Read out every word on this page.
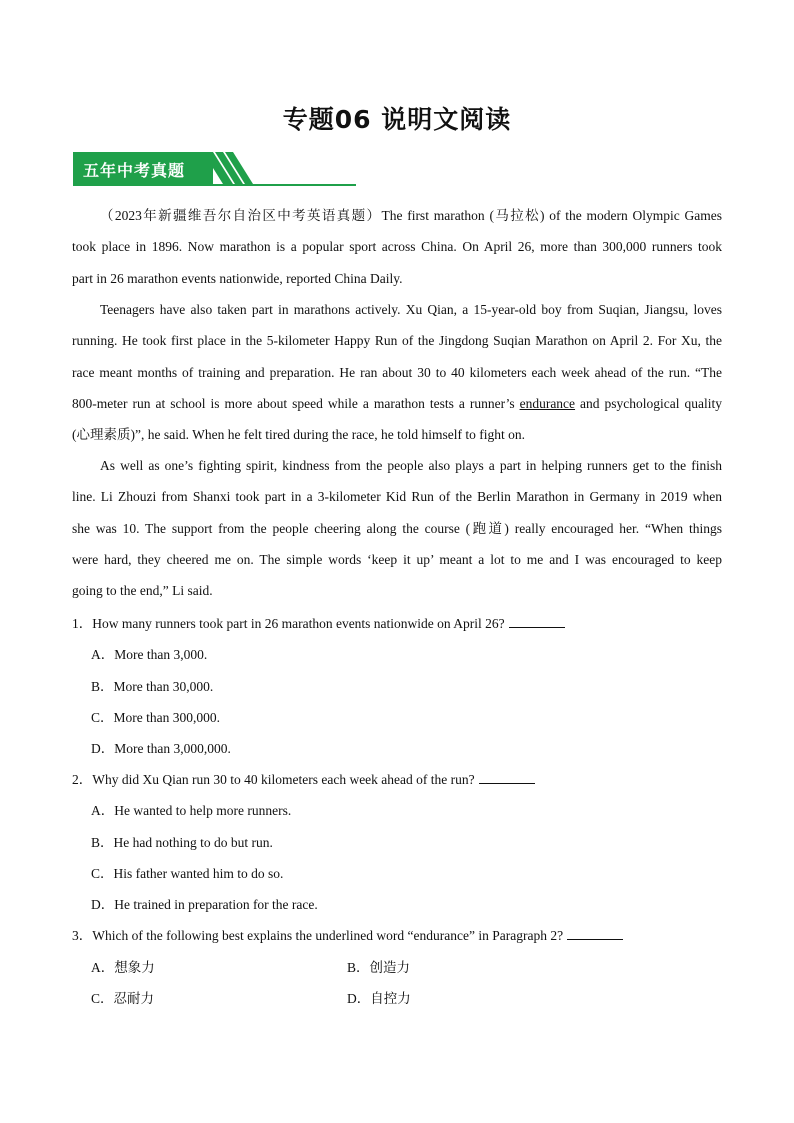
专题06 说明文阅读
五年中考真题
（2023年新疆维吾尔自治区中考英语真题）The first marathon (马拉松) of the modern Olympic Games
took place in 1896. Now marathon is a popular sport across China. On April 26, more than 300,000 runners took
part in 26 marathon events nationwide, reported China Daily.
Teenagers have also taken part in marathons actively. Xu Qian, a 15-year-old boy from Suqian, Jiangsu, loves
running. He took first place in the 5-kilometer Happy Run of the Jingdong Suqian Marathon on April 2. For Xu, the
race meant months of training and preparation. He ran about 30 to 40 kilometers each week ahead of the run. “The
800-meter run at school is more about speed while a marathon tests a runner’s endurance and psychological quality
(心理素质)”, he said. When he felt tired during the race, he told himself to fight on.
As well as one’s fighting spirit, kindness from the people also plays a part in helping runners get to the finish
line. Li Zhouzi from Shanxi took part in a 3-kilometer Kid Run of the Berlin Marathon in Germany in 2019 when
she was 10. The support from the people cheering along the course (跑道) really encouraged her. “When things
were hard, they cheered me on. The simple words ‘keep it up’ meant a lot to me and I was encouraged to keep
going to the end,” Li said.
1．How many runners took part in 26 marathon events nationwide on April 26?
A．More than 3,000.
B．More than 30,000.
C．More than 300,000.
D．More than 3,000,000.
2．Why did Xu Qian run 30 to 40 kilometers each week ahead of the run?
A．He wanted to help more runners.
B．He had nothing to do but run.
C．His father wanted him to do so.
D．He trained in preparation for the race.
3．Which of the following best explains the underlined word “endurance” in Paragraph 2?
A．想象力	B．创造力
C．忍耐力	D．自控力
